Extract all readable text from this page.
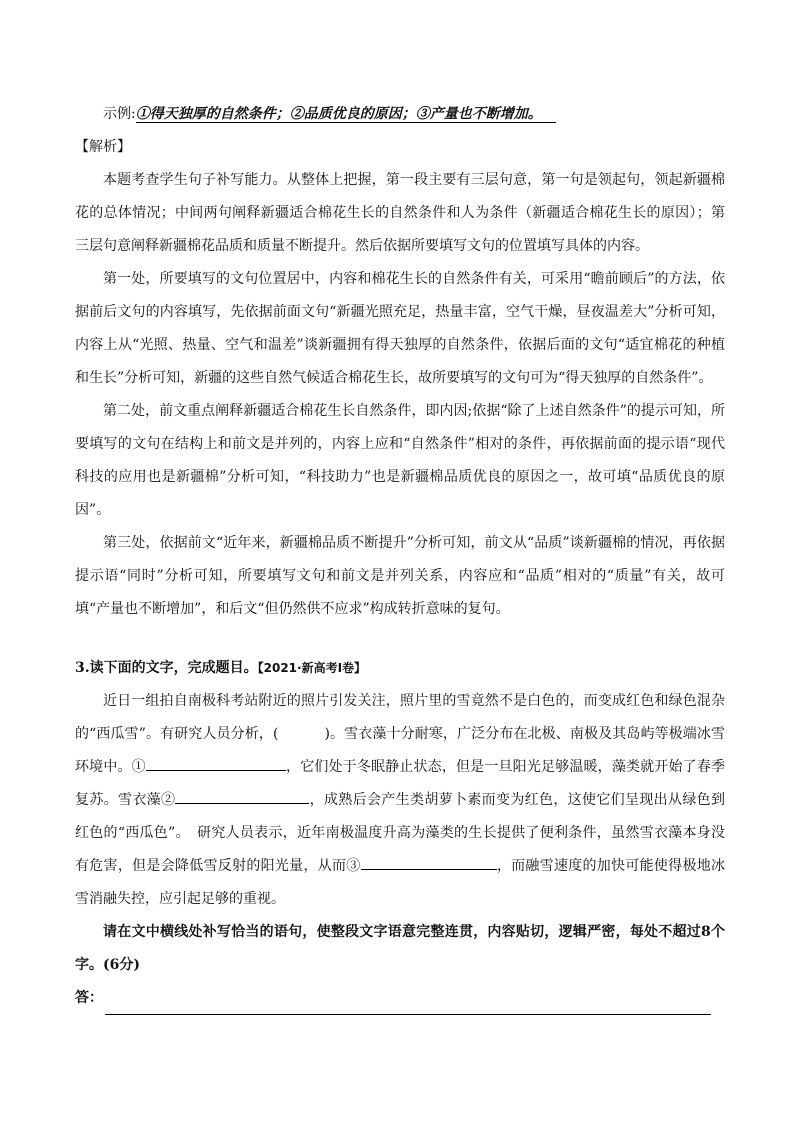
示例:①得天独厚的自然条件；②品质优良的原因；③产量也不断增加。
【解析】
本题考查学生句子补写能力。从整体上把握，第一段主要有三层句意，第一句是领起句，领起新疆棉花的总体情况；中间两句阐释新疆适合棉花生长的自然条件和人为条件（新疆适合棉花生长的原因）；第三层句意阐释新疆棉花品质和质量不断提升。然后依据所要填写文句的位置填写具体的内容。
第一处，所要填写的文句位置居中，内容和棉花生长的自然条件有关，可采用“瞻前顾后”的方法，依据前后文句的内容填写，先依据前面文句“新疆光照充足，热量丰富，空气干燥，昼夜温差大”分析可知，内容上从“光照、热量、空气和温差”谈新疆拥有得天独厚的自然条件，依据后面的文句“适宜棉花的种植和生长”分析可知，新疆的这些自然气候适合棉花生长，故所要填写的文句可为“得天独厚的自然条件”。
第二处，前文重点阐释新疆适合棉花生长自然条件，即内因;依据“除了上述自然条件”的提示可知，所要填写的文句在结构上和前文是并列的，内容上应和“自然条件”相对的条件，再依据前面的提示语“现代科技的应用也是新疆棉”分析可知，“科技助力”也是新疆棉品质优良的原因之一，故可填“品质优良的原因”。
第三处，依据前文“近年来，新疆棉品质不断提升”分析可知，前文从“品质”谈新疆棉的情况，再依据提示语“同时”分析可知，所要填写文句和前文是并列关系，内容应和“品质”相对的“质量”有关，故可填“产量也不断增加”，和后文“但仍然供不应求”构成转折意味的复句。
3.读下面的文字，完成题目。【2021·新高考Ⅰ卷】
近日一组拍自南极科考站附近的照片引发关注，照片里的雪竟然不是白色的，而变成红色和绿色混杂的“西瓜雪”。有研究人员分析，(	)。雪衣藻十分耐寒，广泛分布在北极、南极及其岛屿等极端冰雪环境中。①	，它们处于冬眠静止状态，但是一旦阳光足够温暖，藻类就开始了春季复苏。雪衣藻②	，成熟后会产生类胡萝卜素而变为红色，这使它们呈现出从绿色到红色的“西瓜色”。　研究人员表示，近年南极温度升高为藻类的生长提供了便利条件，虽然雪衣藻本身没有危害，但是会降低雪反射的阳光量，从而③	，而融雪速度的加快可能使得极地冰雪消融失控，应引起足够的重视。
请在文中横线处补写恰当的语句，使整段文字语意完整连贯，内容贴切，逻辑严密，每处不超过8个字。(6分)
答：
